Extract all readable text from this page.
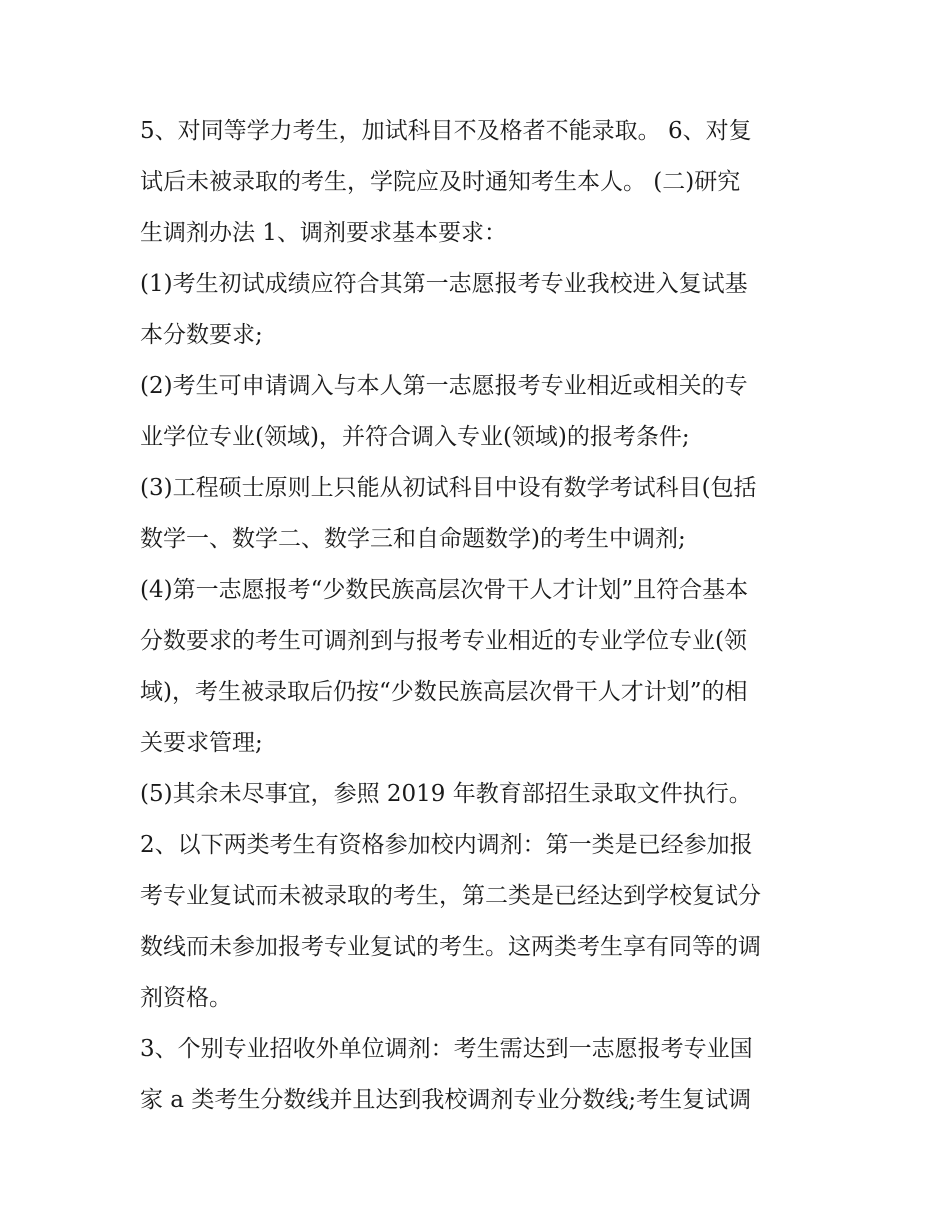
5、对同等学力考生，加试科目不及格者不能录取。 6、对复
试后未被录取的考生，学院应及时通知考生本人。 (二)研究
生调剂办法 1、调剂要求基本要求：

(1)考生初试成绩应符合其第一志愿报考专业我校进入复试基
本分数要求;

(2)考生可申请调入与本人第一志愿报考专业相近或相关的专
业学位专业(领域)，并符合调入专业(领域)的报考条件;

(3)工程硕士原则上只能从初试科目中设有数学考试科目(包括
数学一、数学二、数学三和自命题数学)的考生中调剂;

(4)第一志愿报考“少数民族高层次骨干人才计划”且符合基本
分数要求的考生可调剂到与报考专业相近的专业学位专业(领
域)，考生被录取后仍按“少数民族高层次骨干人才计划”的相
关要求管理;

(5)其余未尽事宜，参照 2019 年教育部招生录取文件执行。

2、以下两类考生有资格参加校内调剂：第一类是已经参加报
考专业复试而未被录取的考生，第二类是已经达到学校复试分
数线而未参加报考专业复试的考生。这两类考生享有同等的调
剂资格。

3、个别专业招收外单位调剂：考生需达到一志愿报考专业国
家 a 类考生分数线并且达到我校调剂专业分数线;考生复试调
